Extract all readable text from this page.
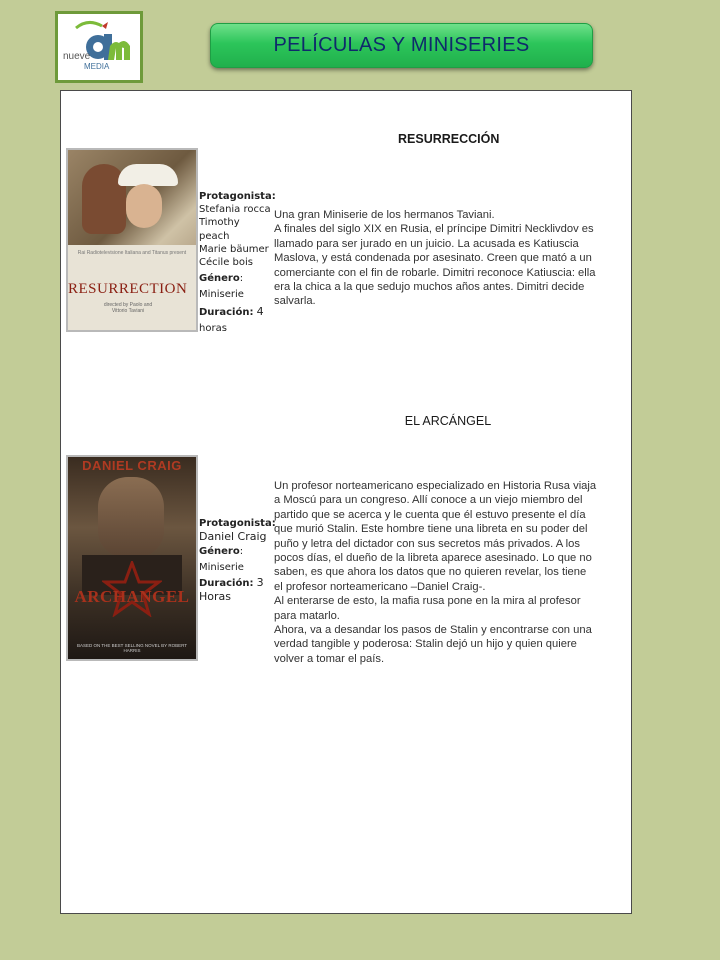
nueve
MEDIA
PELÍCULAS Y MINISERIES
RESURRECCIÓN
Rai Radiotelevisione Italiana and Titanus present
RESURRECTION
directed by Paolo and Vittorio Taviani
Protagonista:
Stefania rocca
Timothy peach
Marie bäumer
Cécile bois
Género:
Miniserie
Duración: 4
horas
Una gran Miniserie de los hermanos Taviani.
A finales del siglo XIX en Rusia, el príncipe Dimitri Necklivdov es
llamado para ser jurado en un juicio. La acusada es Katiuscia
Maslova, y está condenada por asesinato. Creen que mató a un
comerciante con el fin de robarle. Dimitri reconoce Katiuscia: ella
era la chica a la que sedujo muchos años antes. Dimitri decide
salvarla.
EL ARCÁNGEL
DANIEL CRAIG
ARCHANGEL
BASED ON THE BEST SELLING NOVEL BY ROBERT HARRIS
Protagonista:
Daniel Craig
Género:
Miniserie
Duración: 3
Horas
Un profesor norteamericano especializado en Historia Rusa viaja
a Moscú para un congreso. Allí conoce a un viejo miembro del
partido que se acerca y le cuenta que él estuvo presente el día
que murió Stalin. Este hombre tiene una libreta en su poder del
puño y letra del dictador con sus secretos más privados. A los
pocos días, el dueño de la libreta aparece asesinado. Lo que no
saben, es que ahora los datos que no quieren revelar, los tiene
el profesor norteamericano –Daniel Craig-.
Al enterarse de esto, la mafia rusa pone en la mira al profesor
para matarlo.
Ahora, va a desandar los pasos de Stalin y encontrarse con una
verdad tangible y poderosa: Stalin dejó un hijo y quien quiere
volver a tomar el país.
